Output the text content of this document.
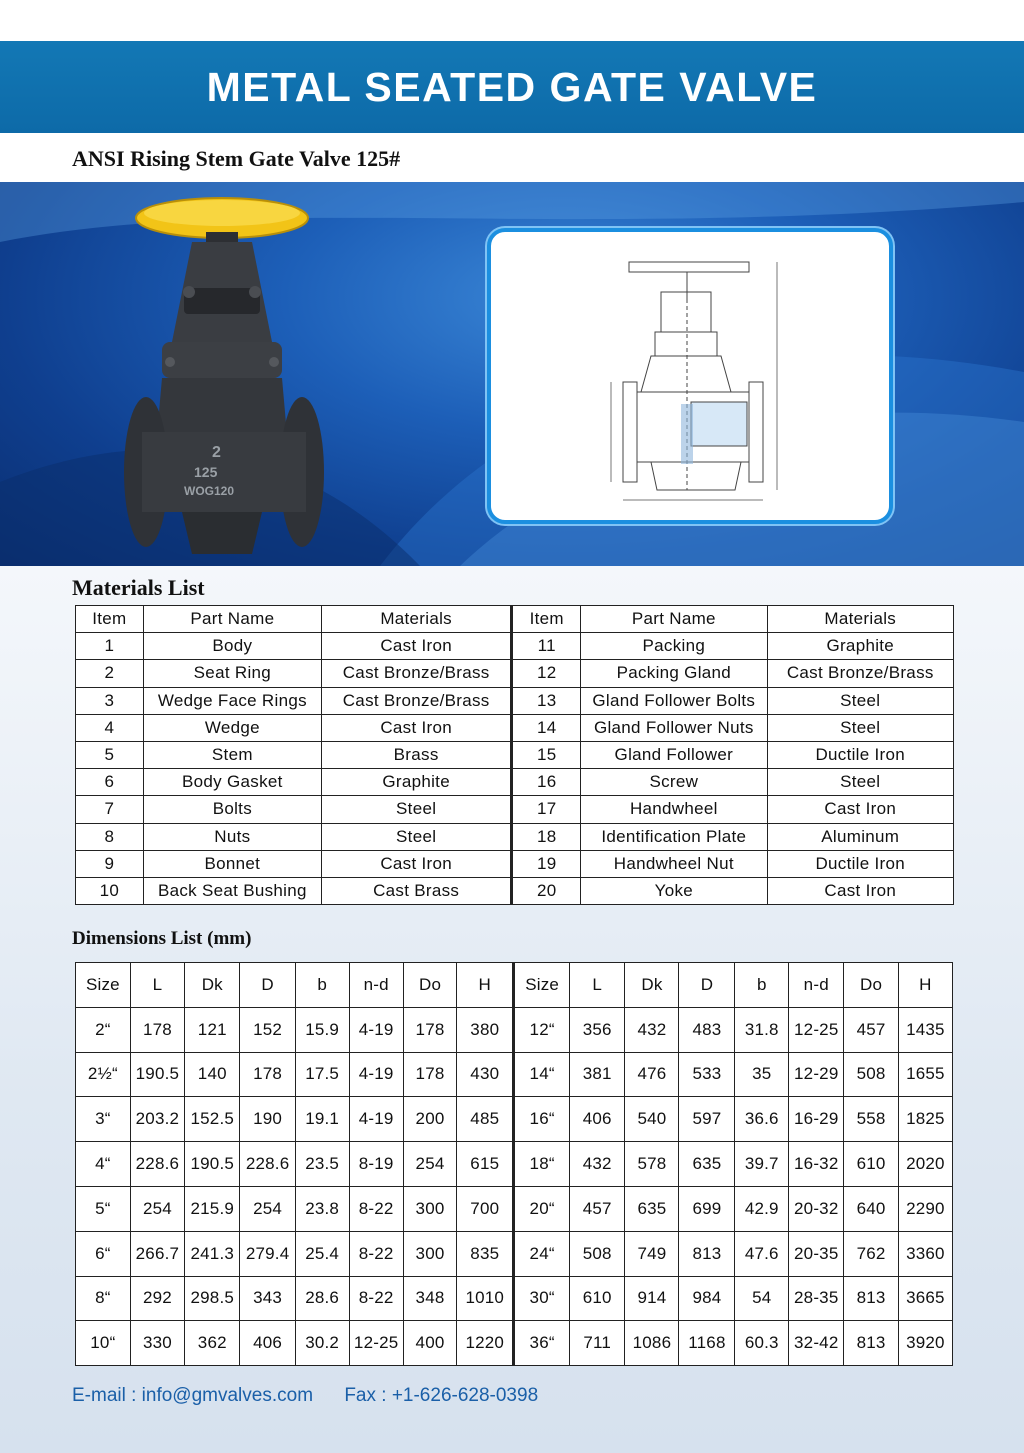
METAL SEATED GATE VALVE
ANSI Rising Stem Gate Valve 125#
2
125
WOG120
Materials List
Item	Part Name	Materials	Item	Part Name	Materials
1	Body	Cast Iron	11	Packing	Graphite
2	Seat Ring	Cast Bronze/Brass	12	Packing Gland	Cast Bronze/Brass
3	Wedge Face Rings	Cast Bronze/Brass	13	Gland Follower Bolts	Steel
4	Wedge	Cast Iron	14	Gland Follower Nuts	Steel
5	Stem	Brass	15	Gland Follower	Ductile Iron
6	Body Gasket	Graphite	16	Screw	Steel
7	Bolts	Steel	17	Handwheel	Cast Iron
8	Nuts	Steel	18	Identification Plate	Aluminum
9	Bonnet	Cast Iron	19	Handwheel Nut	Ductile Iron
10	Back Seat Bushing	Cast Brass	20	Yoke	Cast Iron
Dimensions List (mm)
Size	L	Dk	D	b	n-d	Do	H	Size	L	Dk	D	b	n-d	Do	H
2“	178	121	152	15.9	4-19	178	380	12“	356	432	483	31.8	12-25	457	1435
2½“	190.5	140	178	17.5	4-19	178	430	14“	381	476	533	35	12-29	508	1655
3“	203.2	152.5	190	19.1	4-19	200	485	16“	406	540	597	36.6	16-29	558	1825
4“	228.6	190.5	228.6	23.5	8-19	254	615	18“	432	578	635	39.7	16-32	610	2020
5“	254	215.9	254	23.8	8-22	300	700	20“	457	635	699	42.9	20-32	640	2290
6“	266.7	241.3	279.4	25.4	8-22	300	835	24“	508	749	813	47.6	20-35	762	3360
8“	292	298.5	343	28.6	8-22	348	1010	30“	610	914	984	54	28-35	813	3665
10“	330	362	406	30.2	12-25	400	1220	36“	711	1086	1168	60.3	32-42	813	3920
E-mail : info@gmvalves.com Fax : +1-626-628-0398
